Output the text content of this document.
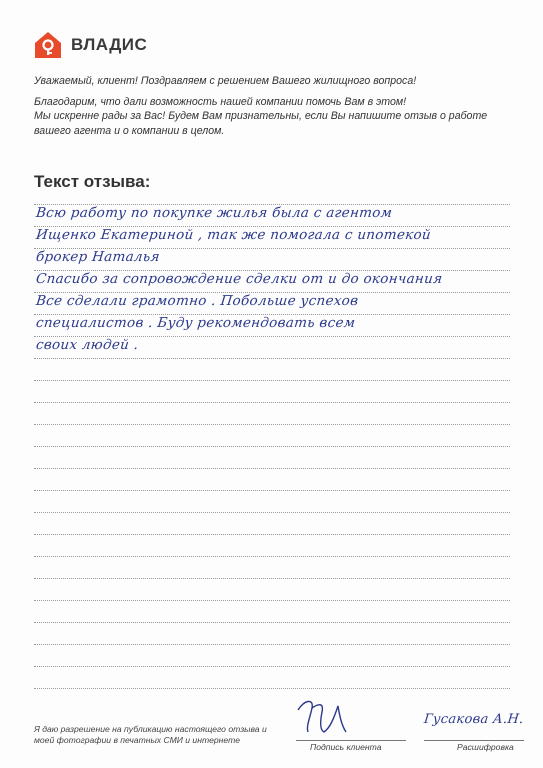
ВЛАДИС

Уважаемый, клиент! Поздравляем с решением Вашего жилищного вопроса!

Благодарим, что дали возможность нашей компании помочь Вам в этом!

Мы искренне рады за Вас! Будем Вам признательны, если Вы напишите отзыв о работе вашего агента и о компании в целом.

Текст отзыва:
Всю работу по покупке жилья была с агентом
Ищенко Екатериной , так же помогала с ипотекой
брокер Наталья
Спасибо за сопровождение сделки от и до окончания
Все сделали грамотно . Побольше успехов
специалистов . Буду рекомендовать всем
своих людей .
Я даю разрешение на публикацию настоящего отзыва и моей фотографии в печатных СМИ и интернете
Подпись клиента
Гусакова А.Н.
Расшифровка
